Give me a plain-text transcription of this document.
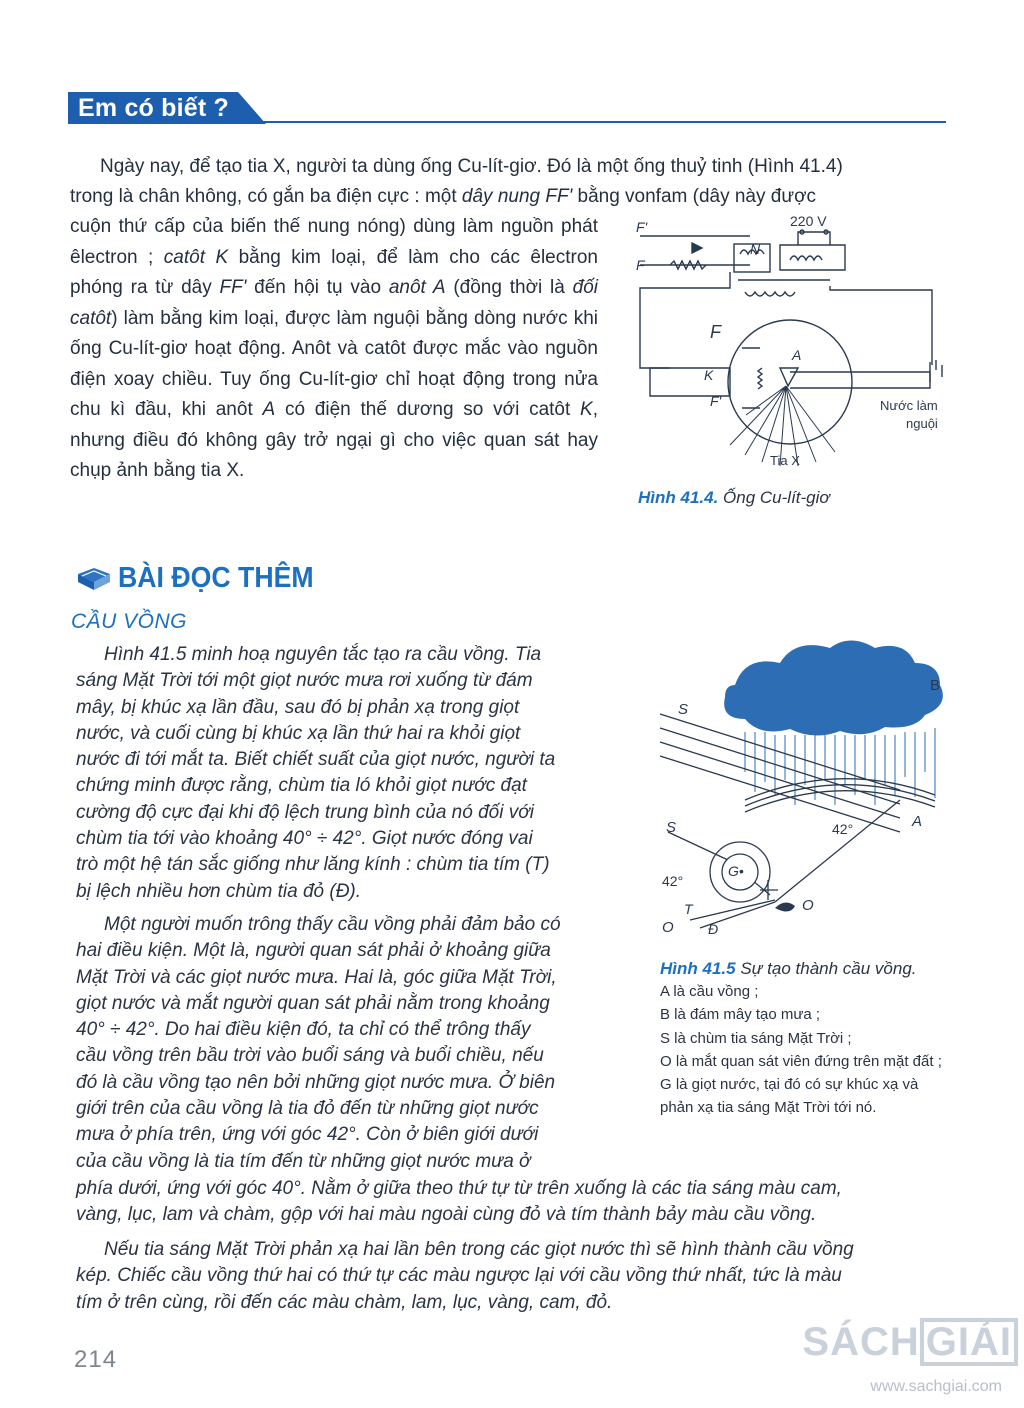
Em có biết ?
Ngày nay, để tạo tia X, người ta dùng ống Cu-lít-giơ. Đó là một ống thuỷ tinh (Hình 41.4)
trong là chân không, có gắn ba điện cực : một dây nung FF' bằng vonfam (dây này được
cuộn thứ cấp của biến thế nung nóng) dùng làm nguồn phát êlectron ; catôt K bằng kim loại, để làm cho các êlectron phóng ra từ dây FF' đến hội tụ vào anôt A (đồng thời là đối catôt) làm bằng kim loại, được làm nguội bằng dòng nước khi ống Cu-lít-giơ hoạt động. Anôt và catôt được mắc vào nguồn điện xoay chiều. Tuy ống Cu-lít-giơ chỉ hoạt động trong nửa chu kì đầu, khi anôt A có điện thế dương so với catôt K, nhưng điều đó không gây trở ngại gì cho việc quan sát hay chụp ảnh bằng tia X.
F'
F
220 V
N
F
A
K
F'	Nước làm
nguội
Tia X
Hình 41.4. Ống Cu-lít-giơ
BÀI ĐỌC THÊM
CẦU VỒNG
Hình 41.5 minh hoạ nguyên tắc tạo ra cầu vồng. Tia
sáng Mặt Trời tới một giọt nước mưa rơi xuống từ đám
mây, bị khúc xạ lần đầu, sau đó bị phản xạ trong giọt
nước, và cuối cùng bị khúc xạ lần thứ hai ra khỏi giọt
nước đi tới mắt ta. Biết chiết suất của giọt nước, người ta
chứng minh được rằng, chùm tia ló khỏi giọt nước đạt
cường độ cực đại khi độ lệch trung bình của nó đối với
chùm tia tới vào khoảng 40° ÷ 42°. Giọt nước đóng vai
trò một hệ tán sắc giống như lăng kính : chùm tia tím (T)
bị lệch nhiều hơn chùm tia đỏ (Đ).
Một người muốn trông thấy cầu vồng phải đảm bảo có
hai điều kiện. Một là, người quan sát phải ở khoảng giữa
Mặt Trời và các giọt nước mưa. Hai là, góc giữa Mặt Trời,
giọt nước và mắt người quan sát phải nằm trong khoảng
40° ÷ 42°. Do hai điều kiện đó, ta chỉ có thể trông thấy
cầu vồng trên bầu trời vào buổi sáng và buổi chiều, nếu
đó là cầu vồng tạo nên bởi những giọt nước mưa. Ở biên
giới trên của cầu vồng là tia đỏ đến từ những giọt nước
mưa ở phía trên, ứng với góc 42°. Còn ở biên giới dưới
của cầu vồng là tia tím đến từ những giọt nước mưa ở
phía dưới, ứng với góc 40°. Nằm ở giữa theo thứ tự từ trên xuống là các tia sáng màu cam,
vàng, lục, lam và chàm, gộp với hai màu ngoài cùng đỏ và tím thành bảy màu cầu vồng.
Nếu tia sáng Mặt Trời phản xạ hai lần bên trong các giọt nước thì sẽ hình thành cầu vồng
kép. Chiếc cầu vồng thứ hai có thứ tự các màu ngược lại với cầu vồng thứ nhất, tức là màu
tím ở trên cùng, rồi đến các màu chàm, lam, lục, vàng, cam, đỏ.
B
S
S	42°	A
G•
42°
T
O Đ
O
Hình 41.5 Sự tạo thành cầu vồng.
A là cầu vồng ;
B là đám mây tạo mưa ;
S là chùm tia sáng Mặt Trời ;
O là mắt quan sát viên đứng trên mặt đất ;
G là giọt nước, tại đó có sự khúc xạ và
phản xạ tia sáng Mặt Trời tới nó.
214	SÁCH GIẢI
www.sachgiai.com
